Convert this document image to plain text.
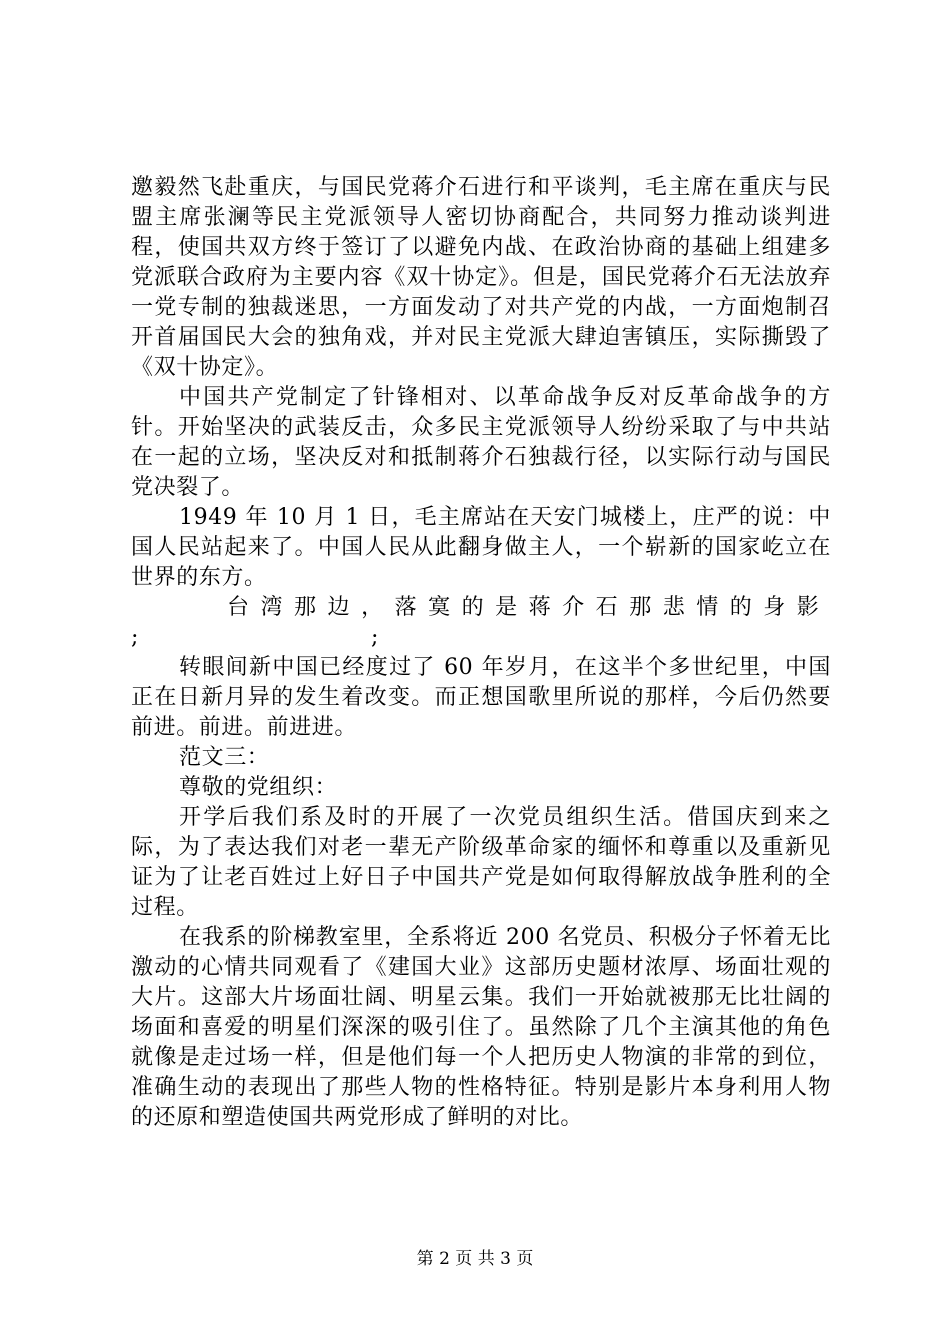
邀毅然飞赴重庆，与国民党蒋介石进行和平谈判，毛主席在重庆与民盟主席张澜等民主党派领导人密切协商配合，共同努力推动谈判进程，使国共双方终于签订了以避免内战、在政治协商的基础上组建多党派联合政府为主要内容《双十协定》。但是，国民党蒋介石无法放弃一党专制的独裁迷思，一方面发动了对共产党的内战，一方面炮制召开首届国民大会的独角戏，并对民主党派大肆迫害镇压，实际撕毁了《双十协定》。

中国共产党制定了针锋相对、以革命战争反对反革命战争的方针。开始坚决的武装反击，众多民主党派领导人纷纷采取了与中共站在一起的立场，坚决反对和抵制蒋介石独裁行径，以实际行动与国民党决裂了。

1949 年 10 月 1 日，毛主席站在天安门城楼上，庄严的说：中国人民站起来了。中国人民从此翻身做主人，一个崭新的国家屹立在世界的东方。

台 湾 那 边 ， 落 寞 的 是 蒋 介 石 那 悲 情 的 身 影
;	;

转眼间新中国已经度过了 60 年岁月，在这半个多世纪里，中国正在日新月异的发生着改变。而正想国歌里所说的那样，今后仍然要前进。前进。前进进。

范文三：

尊敬的党组织：

开学后我们系及时的开展了一次党员组织生活。借国庆到来之际，为了表达我们对老一辈无产阶级革命家的缅怀和尊重以及重新见证为了让老百姓过上好日子中国共产党是如何取得解放战争胜利的全过程。

在我系的阶梯教室里，全系将近 200 名党员、积极分子怀着无比激动的心情共同观看了《建国大业》这部历史题材浓厚、场面壮观的大片。这部大片场面壮阔、明星云集。我们一开始就被那无比壮阔的场面和喜爱的明星们深深的吸引住了。虽然除了几个主演其他的角色就像是走过场一样，但是他们每一个人把历史人物演的非常的到位，准确生动的表现出了那些人物的性格特征。特别是影片本身利用人物的还原和塑造使国共两党形成了鲜明的对比。

第 2 页 共 3 页
